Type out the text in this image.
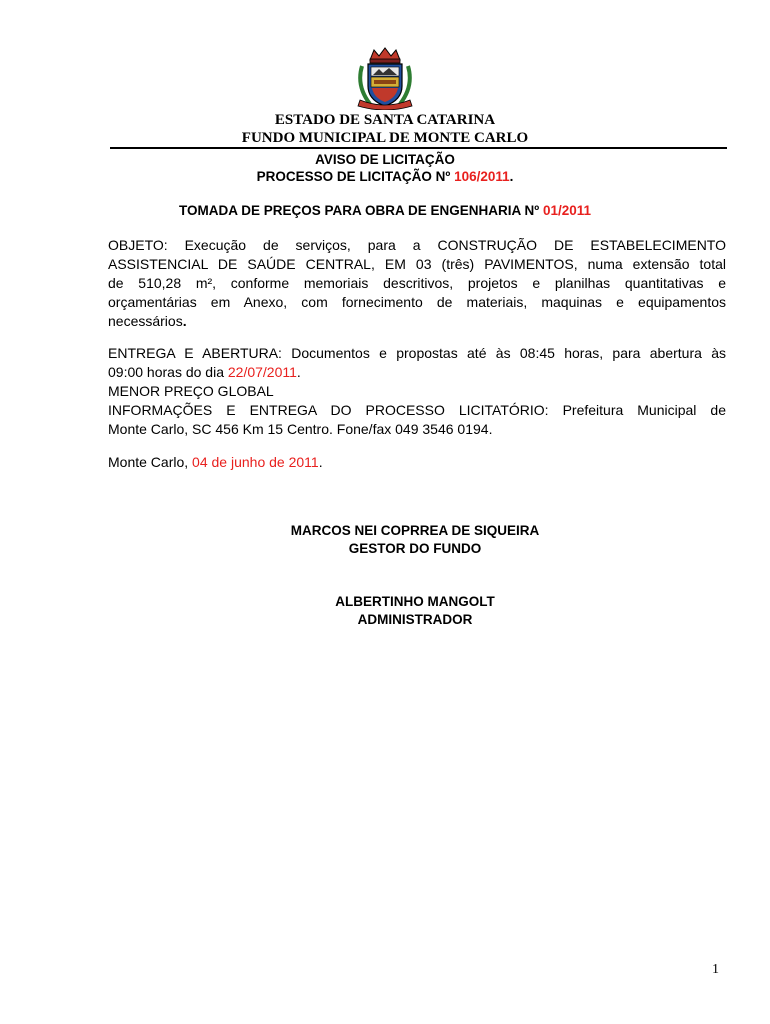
ESTADO DE SANTA CATARINA
FUNDO MUNICIPAL DE MONTE CARLO
AVISO DE LICITAÇÃO
PROCESSO DE LICITAÇÃO Nº 106/2011.
TOMADA DE PREÇOS PARA OBRA DE ENGENHARIA Nº 01/2011
OBJETO: Execução de serviços, para a CONSTRUÇÃO DE ESTABELECIMENTO
ASSISTENCIAL DE SAÚDE CENTRAL, EM 03 (três) PAVIMENTOS, numa extensão total
de 510,28 m², conforme memoriais descritivos, projetos e planilhas quantitativas e
orçamentárias em Anexo, com fornecimento de materiais, maquinas e equipamentos
necessários.
ENTREGA E ABERTURA: Documentos e propostas até às 08:45 horas, para abertura às
09:00 horas do dia 22/07/2011.
MENOR PREÇO GLOBAL
INFORMAÇÕES E ENTREGA DO PROCESSO LICITATÓRIO: Prefeitura Municipal de
Monte Carlo, SC 456 Km 15 Centro. Fone/fax 049 3546 0194.
Monte Carlo, 04 de junho de 2011.
MARCOS NEI COPRREA DE SIQUEIRA
GESTOR DO FUNDO
ALBERTINHO MANGOLT
ADMINISTRADOR
1
